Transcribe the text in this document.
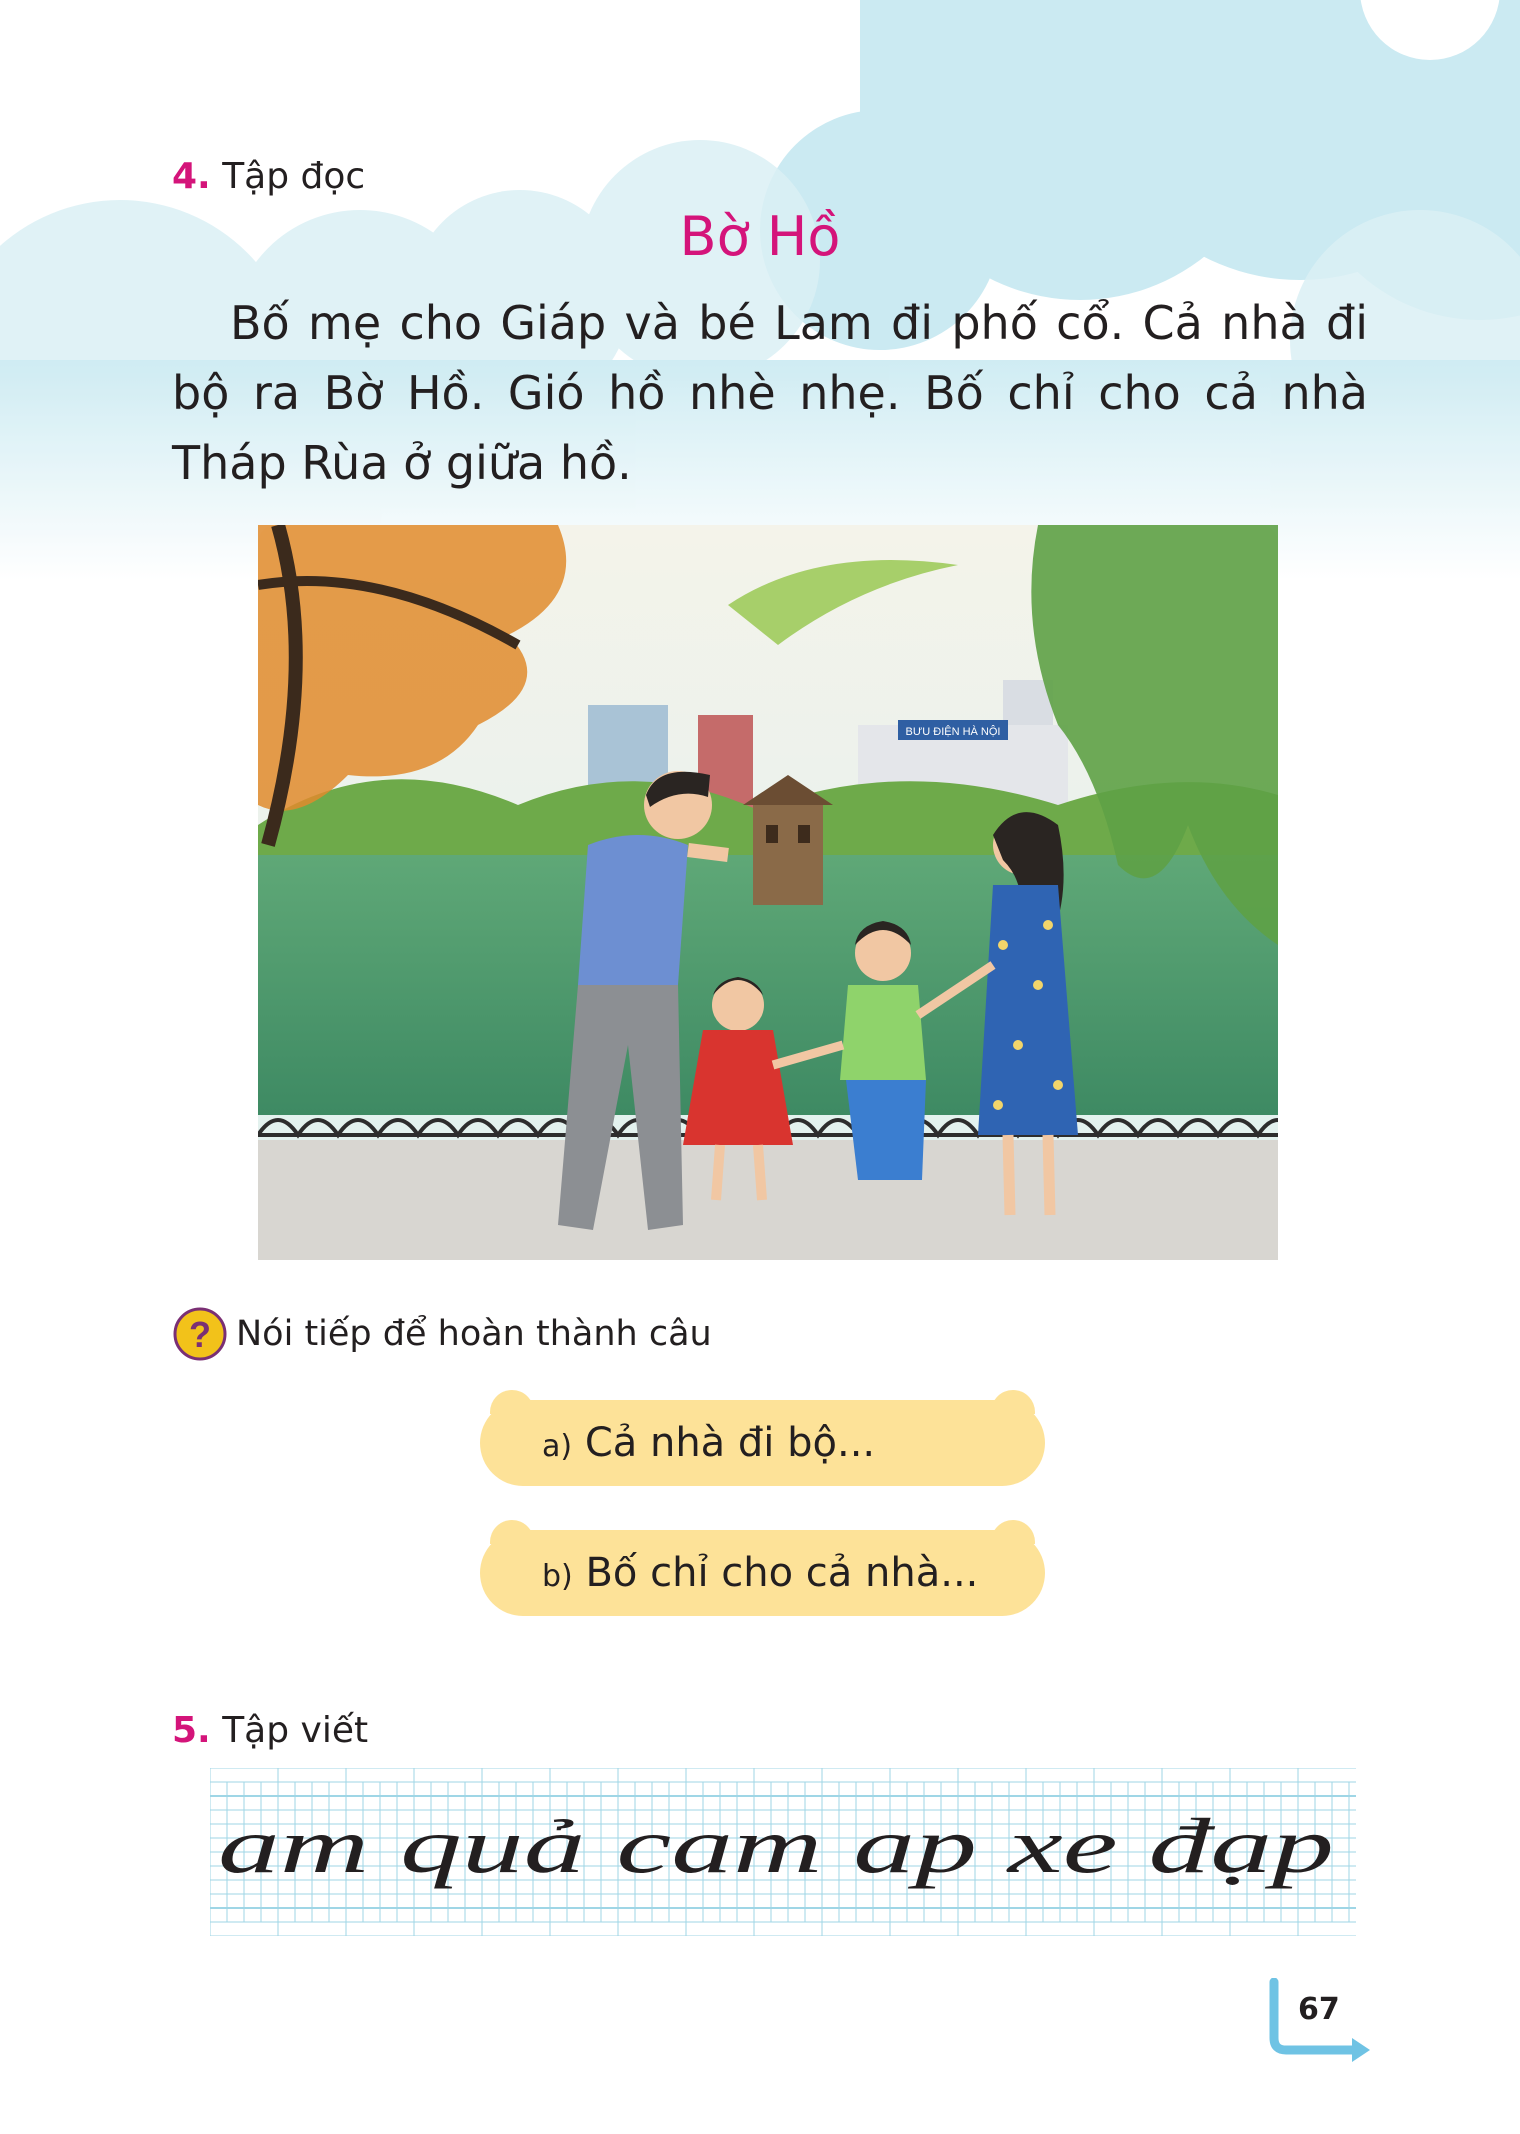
4. Tập đọc
Bờ Hồ
Bố mẹ cho Giáp và bé Lam đi phố cổ. Cả nhà đi bộ ra Bờ Hồ. Gió hồ nhè nhẹ. Bố chỉ cho cả nhà Tháp Rùa ở giữa hồ.
BƯU ĐIỆN HÀ NỘI
? Nói tiếp để hoàn thành câu
a) Cả nhà đi bộ...
b) Bố chỉ cho cả nhà...
5. Tập viết
am quả cam ap xe đạp
67
